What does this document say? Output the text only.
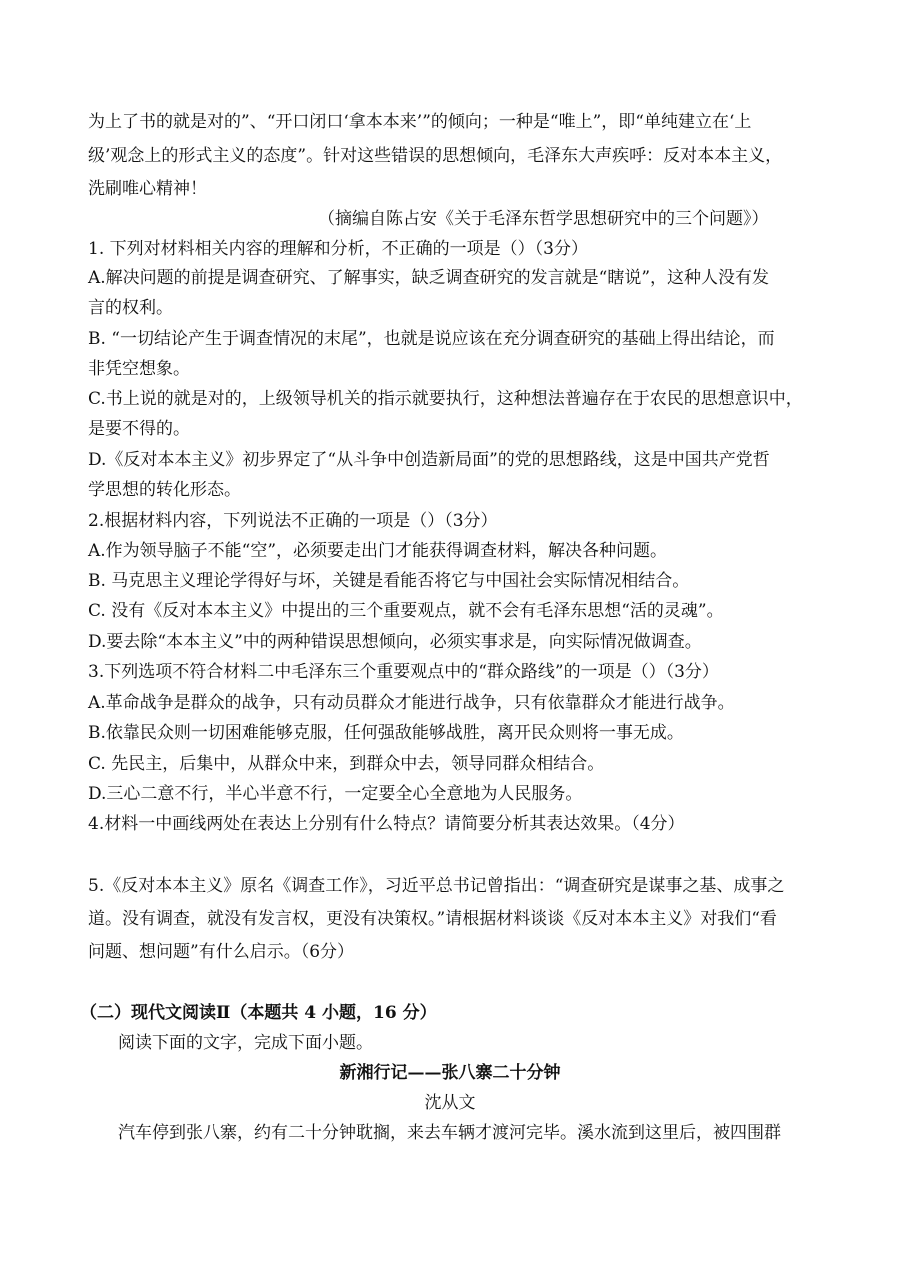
为上了书的就是对的”、“开口闭口‘拿本本来’”的倾向；一种是“唯上”，即“单纯建立在‘上
级’观念上的形式主义的态度”。针对这些错误的思想倾向，毛泽东大声疾呼：反对本本主义，
洗刷唯心精神！
（摘编自陈占安《关于毛泽东哲学思想研究中的三个问题》）
1. 下列对材料相关内容的理解和分析，不正确的一项是（）（3分）
A.解决问题的前提是调查研究、了解事实，缺乏调查研究的发言就是“瞎说”，这种人没有发
言的权利。
B. “一切结论产生于调查情况的末尾”，也就是说应该在充分调查研究的基础上得出结论，而
非凭空想象。
C.书上说的就是对的，上级领导机关的指示就要执行，这种想法普遍存在于农民的思想意识中，
是要不得的。
D.《反对本本主义》初步界定了“从斗争中创造新局面”的党的思想路线，这是中国共产党哲
学思想的转化形态。
2.根据材料内容，下列说法不正确的一项是（）（3分）
A.作为领导脑子不能“空”，必须要走出门才能获得调查材料，解决各种问题。
B. 马克思主义理论学得好与坏，关键是看能否将它与中国社会实际情况相结合。
C. 没有《反对本本主义》中提出的三个重要观点，就不会有毛泽东思想“活的灵魂”。
D.要去除“本本主义”中的两种错误思想倾向，必须实事求是，向实际情况做调查。
3.下列选项不符合材料二中毛泽东三个重要观点中的“群众路线”的一项是（）（3分）
A.革命战争是群众的战争，只有动员群众才能进行战争，只有依靠群众才能进行战争。
B.依靠民众则一切困难能够克服，任何强敌能够战胜，离开民众则将一事无成。
C. 先民主，后集中，从群众中来，到群众中去，领导同群众相结合。
D.三心二意不行，半心半意不行，一定要全心全意地为人民服务。
4.材料一中画线两处在表达上分别有什么特点？请简要分析其表达效果。（4分）
5.《反对本本主义》原名《调查工作》，习近平总书记曾指出：“调查研究是谋事之基、成事之
道。没有调查，就没有发言权，更没有决策权。”请根据材料谈谈《反对本本主义》对我们“看
问题、想问题”有什么启示。（6分）
（二）现代文阅读Ⅱ（本题共 4 小题，16 分）
阅读下面的文字，完成下面小题。
新湘行记——张八寨二十分钟
沈从文
汽车停到张八寨，约有二十分钟耽搁，来去车辆才渡河完毕。溪水流到这里后，被四围群
